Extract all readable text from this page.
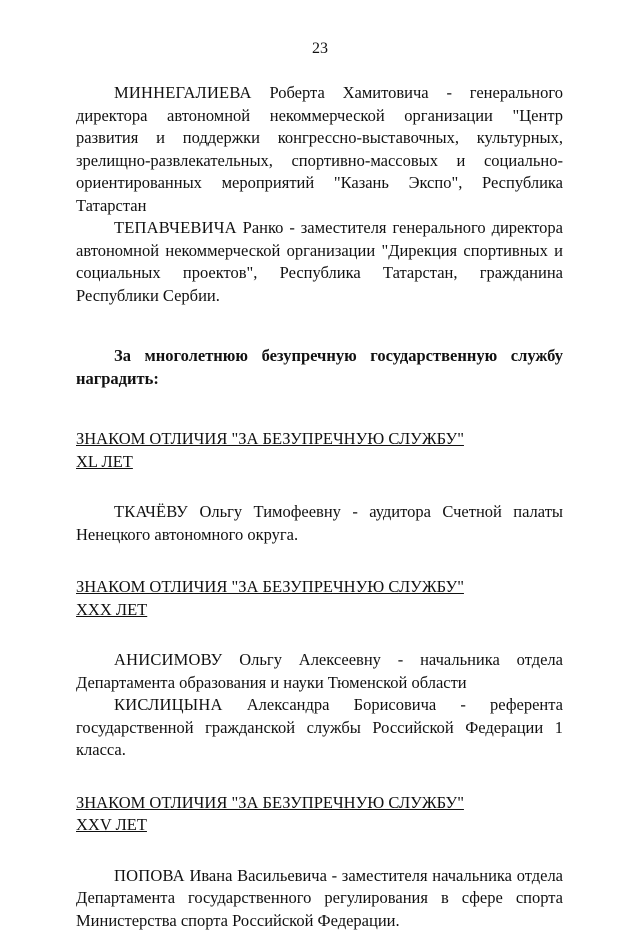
23

МИННЕГАЛИЕВА Роберта Хамитовича - генерального директора автономной некоммерческой организации "Центр развития и поддержки конгрессно-выставочных, культурных, зрелищно-развлекательных, спортивно-массовых и социально-ориентированных мероприятий "Казань Экспо", Республика Татарстан

ТЕПАВЧЕВИЧА Ранко - заместителя генерального директора автономной некоммерческой организации "Дирекция спортивных и социальных проектов", Республика Татарстан, гражданина Республики Сербии.

За многолетнюю безупречную государственную службу наградить:

ЗНАКОМ ОТЛИЧИЯ "ЗА БЕЗУПРЕЧНУЮ СЛУЖБУ"

XL ЛЕТ

ТКАЧЁВУ Ольгу Тимофеевну - аудитора Счетной палаты Ненецкого автономного округа.

ЗНАКОМ ОТЛИЧИЯ "ЗА БЕЗУПРЕЧНУЮ СЛУЖБУ"

XXX ЛЕТ

АНИСИМОВУ Ольгу Алексеевну - начальника отдела Департамента образования и науки Тюменской области

КИСЛИЦЫНА Александра Борисовича - референта государственной гражданской службы Российской Федерации 1 класса.

ЗНАКОМ ОТЛИЧИЯ "ЗА БЕЗУПРЕЧНУЮ СЛУЖБУ"

XXV ЛЕТ

ПОПОВА Ивана Васильевича - заместителя начальника отдела Департамента государственного регулирования в сфере спорта Министерства спорта Российской Федерации.
